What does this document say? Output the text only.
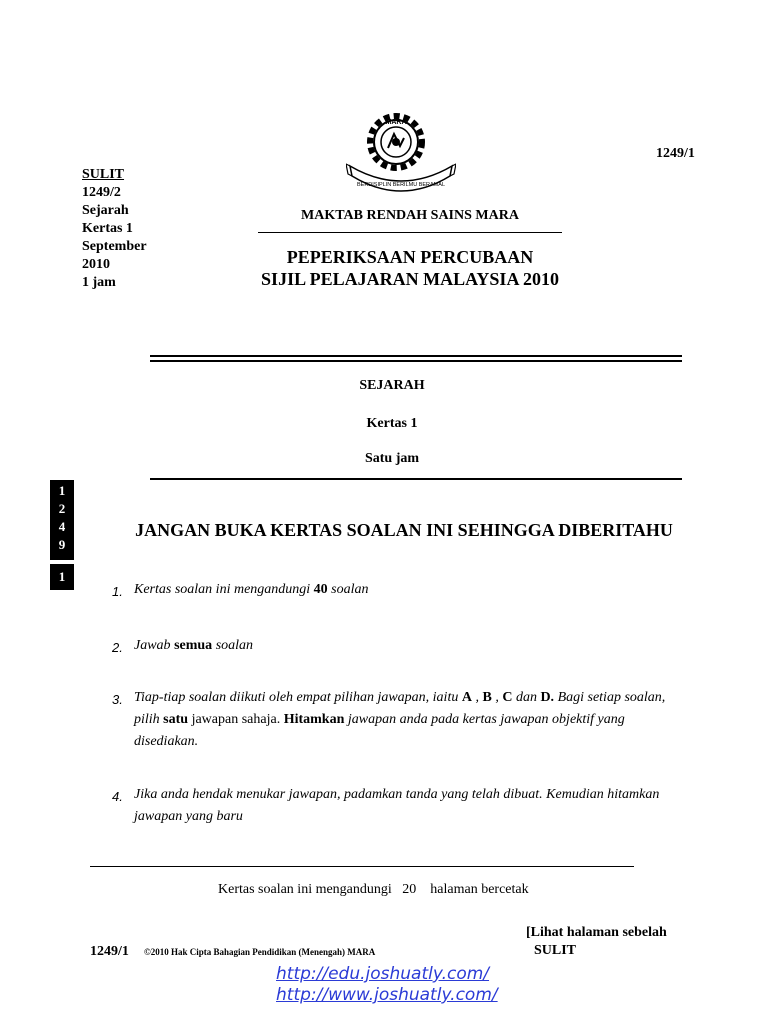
SULIT
1249/2
Sejarah
Kertas 1
September
2010
1 jam
1249/1
MARA
BERDISIPLIN BERILMU BERAMAL
MAKTAB RENDAH SAINS MARA
PEPERIKSAAN PERCUBAAN
SIJIL PELAJARAN MALAYSIA 2010
SEJARAH
Kertas 1
Satu jam
1
2
4
9
1
JANGAN BUKA KERTAS SOALAN INI SEHINGGA DIBERITAHU
1. Kertas soalan ini mengandungi 40 soalan
2. Jawab semua soalan
3. Tiap-tiap soalan diikuti oleh empat pilihan jawapan, iaitu A , B , C dan D. Bagi setiap soalan, pilih satu jawapan sahaja. Hitamkan jawapan anda pada kertas jawapan objektif yang disediakan.
4. Jika anda hendak menukar jawapan, padamkan tanda yang telah dibuat. Kemudian hitamkan jawapan yang baru
Kertas soalan ini mengandungi   20    halaman bercetak
[Lihat halaman sebelah
SULIT
1249/1 ©2010 Hak Cipta Bahagian Pendidikan (Menengah) MARA
http://edu.joshuatly.com/
http://www.joshuatly.com/
